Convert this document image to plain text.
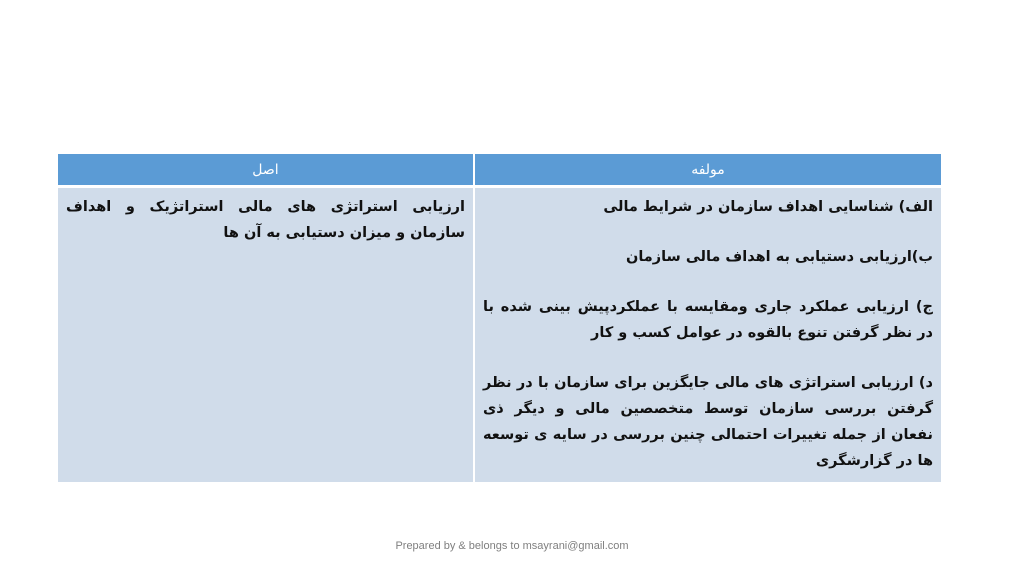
مولفه	اصل

الف) شناسایی اهداف سازمان در شرایط مالی

ب)ارزیابی دستیابی به اهداف مالی سازمان

ج) ارزیابی عملکرد جاری ومقایسه با عملکردپیش بینی شده با در نظر گرفتن تنوع بالقوه در عوامل کسب و کار

د) ارزیابی استراتژی های مالی جایگزین برای سازمان با در نظر گرفتن بررسی سازمان توسط متخصصین مالی و دیگر ذی نفعان از جمله تغییرات احتمالی چنین بررسی در سایه ی توسعه ها در گزارشگری	ارزیابی استراتژی های مالی استراتژیک و اهداف سازمان و میزان دستیابی به آن ها
Prepared by & belongs to msayrani@gmail.com
